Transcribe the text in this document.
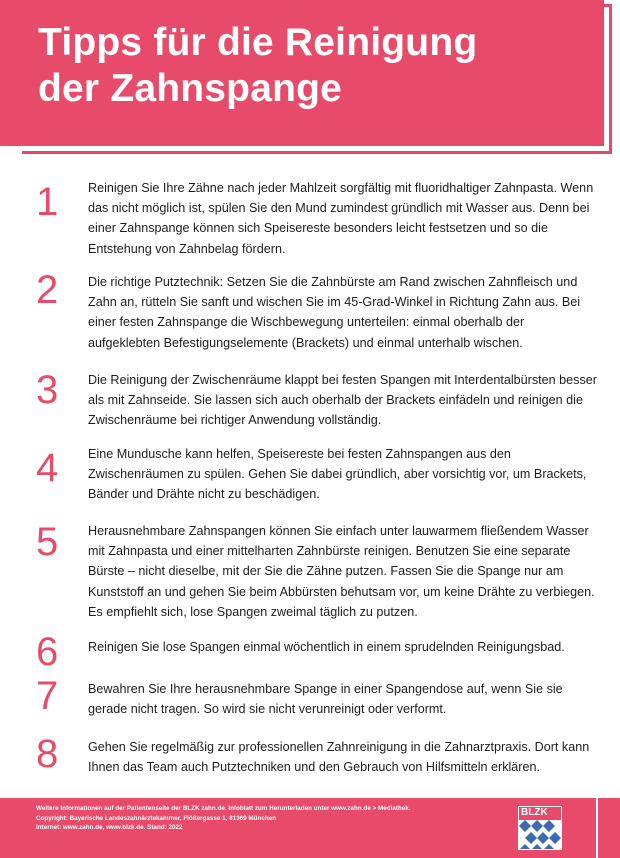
Tipps für die Reinigung
der Zahnspange
1 Reinigen Sie Ihre Zähne nach jeder Mahlzeit sorgfältig mit fluoridhaltiger Zahnpasta. Wenn das nicht möglich ist, spülen Sie den Mund zumindest gründlich mit Wasser aus. Denn bei einer Zahnspange können sich Speisereste besonders leicht festsetzen und so die Entstehung von Zahnbelag fördern.

2 Die richtige Putztechnik: Setzen Sie die Zahnbürste am Rand zwischen Zahnfleisch und Zahn an, rütteln Sie sanft und wischen Sie im 45-Grad-Winkel in Richtung Zahn aus. Bei einer festen Zahnspange die Wischbewegung unterteilen: einmal oberhalb der aufgeklebten Befestigungselemente (Brackets) und einmal unterhalb wischen.

3 Die Reinigung der Zwischenräume klappt bei festen Spangen mit Interdentalbürsten besser als mit Zahnseide. Sie lassen sich auch oberhalb der Brackets einfädeln und reinigen die Zwischenräume bei richtiger Anwendung vollständig.

4 Eine Mundusche kann helfen, Speisereste bei festen Zahnspangen aus den Zwischenräumen zu spülen. Gehen Sie dabei gründlich, aber vorsichtig vor, um Brackets, Bänder und Drähte nicht zu beschädigen.

5 Herausnehmbare Zahnspangen können Sie einfach unter lauwarmem fließendem Wasser mit Zahnpasta und einer mittelharten Zahnbürste reinigen. Benutzen Sie eine separate Bürste – nicht dieselbe, mit der Sie die Zähne putzen. Fassen Sie die Spange nur am Kunststoff an und gehen Sie beim Abbürsten behutsam vor, um keine Drähte zu verbiegen. Es empfiehlt sich, lose Spangen zweimal täglich zu putzen.

6 Reinigen Sie lose Spangen einmal wöchentlich in einem sprudelnden Reinigungsbad.

7 Bewahren Sie Ihre herausnehmbare Spange in einer Spangendose auf, wenn Sie sie gerade nicht tragen. So wird sie nicht verunreinigt oder verformt.

8 Gehen Sie regelmäßig zur professionellen Zahnreinigung in die Zahnarztpraxis. Dort kann Ihnen das Team auch Putztechniken und den Gebrauch von Hilfsmitteln erklären.

Weitere Informationen auf der Patientenseite der BLZK zahn.de. Infoblatt zum Herunterladen unter www.zahn.de > Mediathek.
Copyright: Bayerische Landeszahnärztekammer, Flößergasse 1, 81369 München
Internet: www.zahn.de, www.blzk.de. Stand: 2022
BLZK
